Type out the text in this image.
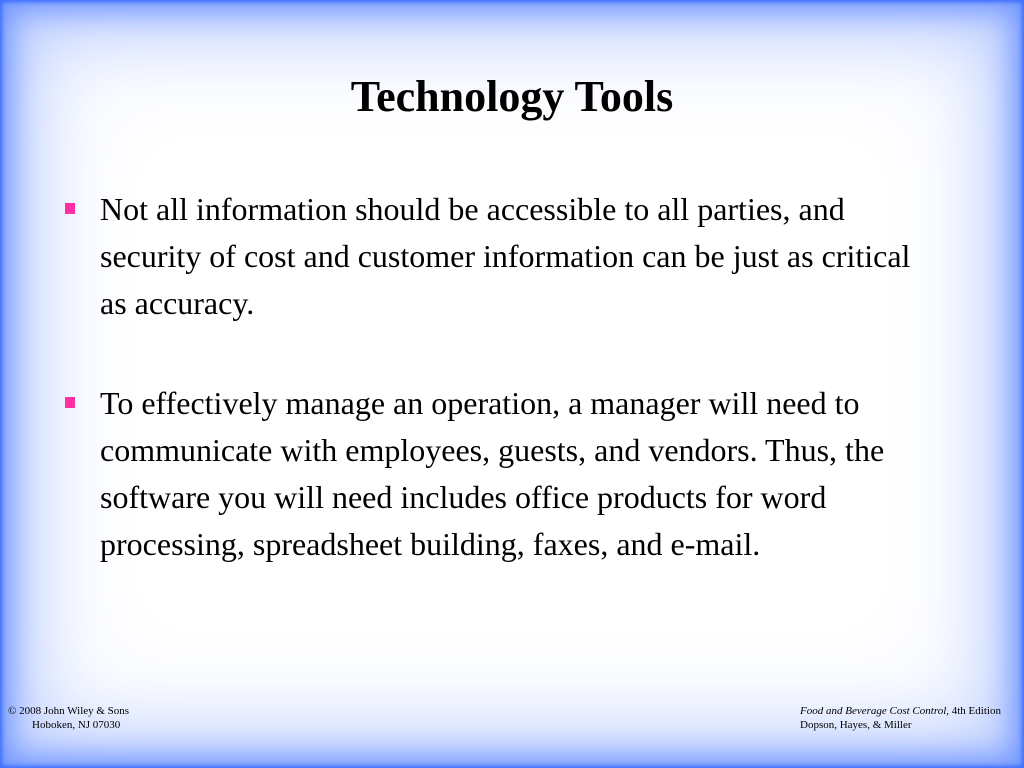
Technology Tools
Not all information should be accessible to all parties, and security of cost and customer information can be just as critical as accuracy.
To effectively manage an operation, a manager will need to communicate with employees, guests, and vendors. Thus, the software you will need includes office products for word processing, spreadsheet building, faxes, and e-mail.
© 2008 John Wiley & Sons
Hoboken, NJ 07030
Food and Beverage Cost Control, 4th Edition
Dopson, Hayes, & Miller
